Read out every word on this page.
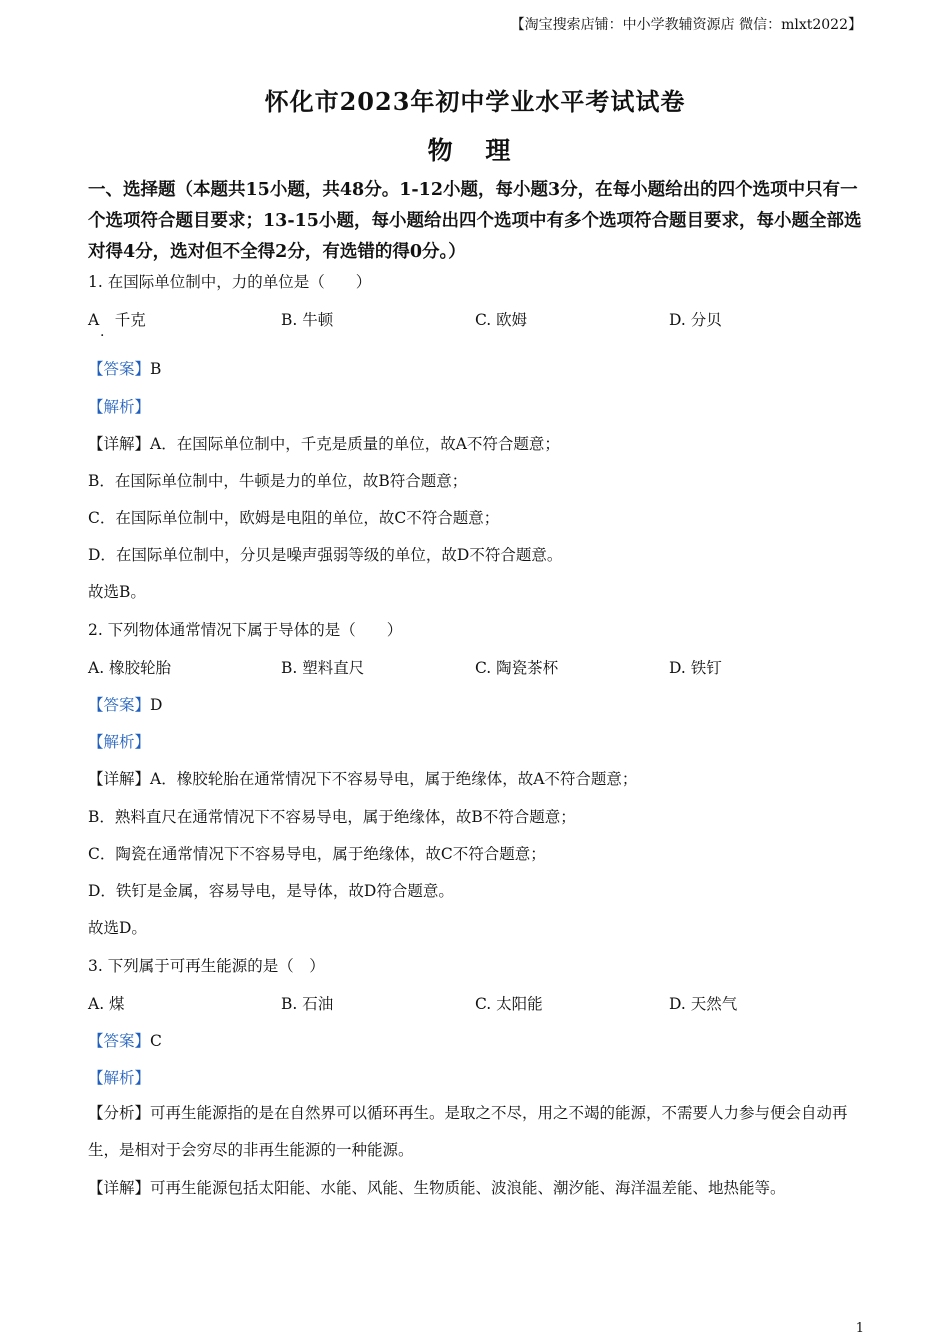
【淘宝搜索店铺：中小学教辅资源店 微信：mlxt2022】
怀化市2023年初中学业水平考试试卷
物 理
一、选择题（本题共15小题，共48分。1-12小题，每小题3分，在每小题给出的四个选项中只有一个选项符合题目要求；13-15小题，每小题给出四个选项中有多个选项符合题目要求，每小题全部选对得4分，选对但不全得2分，有选错的得0分。）
1. 在国际单位制中，力的单位是（　　）
A　千克
·
B. 牛顿	C. 欧姆	D. 分贝
【答案】B
【解析】
【详解】A．在国际单位制中，千克是质量的单位，故A不符合题意；
B．在国际单位制中，牛顿是力的单位，故B符合题意；
C．在国际单位制中，欧姆是电阻的单位，故C不符合题意；
D．在国际单位制中，分贝是噪声强弱等级的单位，故D不符合题意。
故选B。
2. 下列物体通常情况下属于导体的是（　　）
A. 橡胶轮胎	B. 塑料直尺	C. 陶瓷茶杯	D. 铁钉
【答案】D
【解析】
【详解】A．橡胶轮胎在通常情况下不容易导电，属于绝缘体，故A不符合题意；
B．熟料直尺在通常情况下不容易导电，属于绝缘体，故B不符合题意；
C．陶瓷在通常情况下不容易导电，属于绝缘体，故C不符合题意；
D．铁钉是金属，容易导电，是导体，故D符合题意。
故选D。
3. 下列属于可再生能源的是（　）
A. 煤	B. 石油	C. 太阳能	D. 天然气
【答案】C
【解析】
【分析】可再生能源指的是在自然界可以循环再生。是取之不尽，用之不竭的能源，不需要人力参与便会自动再生，是相对于会穷尽的非再生能源的一种能源。
【详解】可再生能源包括太阳能、水能、风能、生物质能、波浪能、潮汐能、海洋温差能、地热能等。
1
